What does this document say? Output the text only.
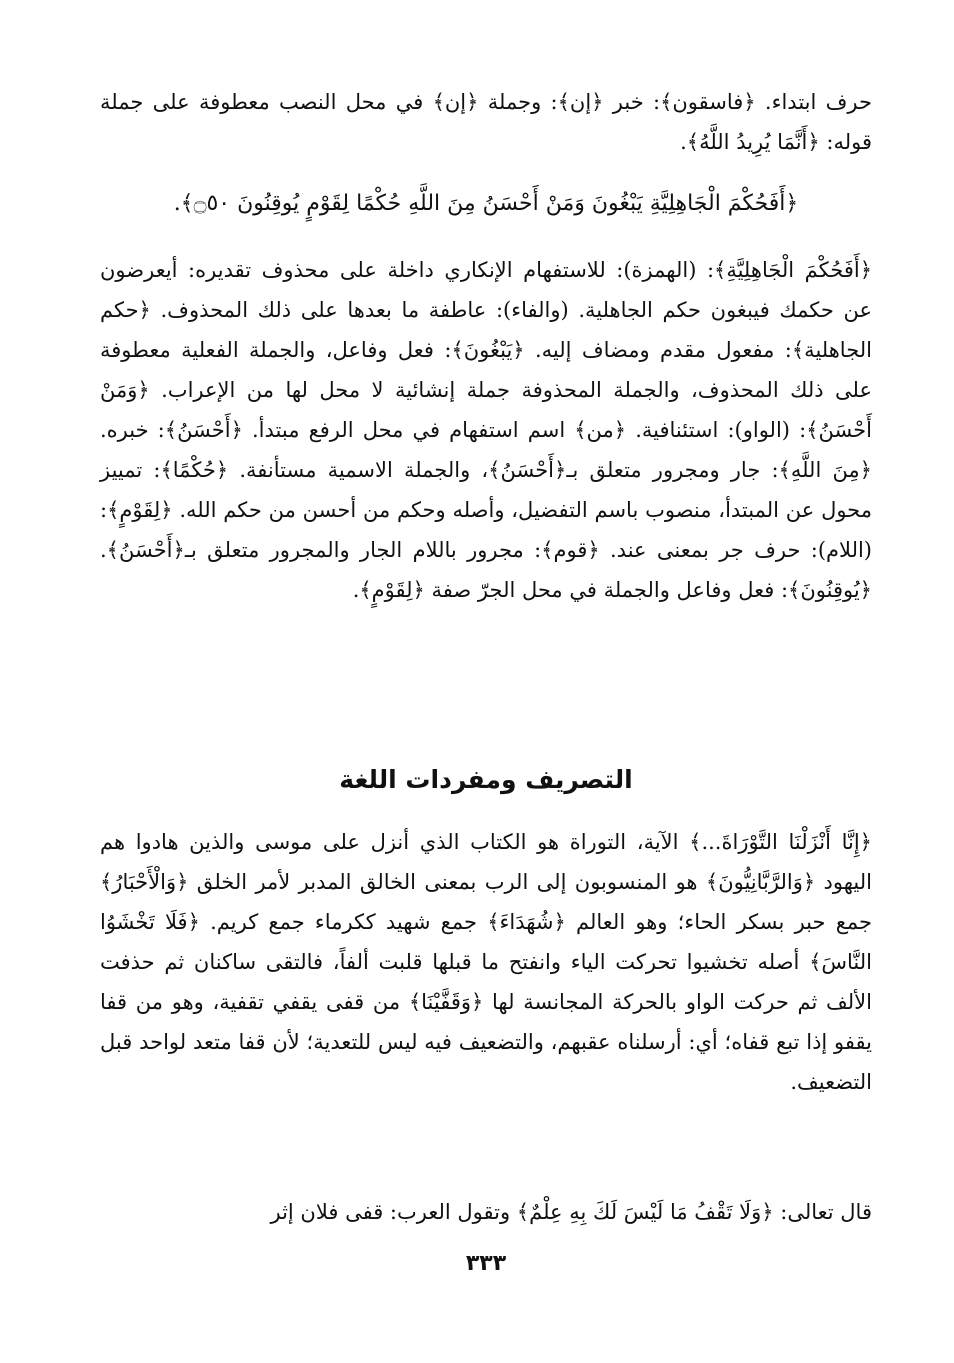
حرف ابتداء. ﴿فاسقون﴾: خبر ﴿إن﴾: وجملة ﴿إن﴾ في محل النصب معطوفة على جملة قوله: ﴿أَنَّمَا يُرِيدُ اللَّهُ﴾.

﴿أَفَحُكْمَ الْجَاهِلِيَّةِ يَبْغُونَ وَمَنْ أَحْسَنُ مِنَ اللَّهِ حُكْمًا لِقَوْمٍ يُوقِنُونَ ۝٥٠﴾.

﴿أَفَحُكْمَ الْجَاهِلِيَّةِ﴾: (الهمزة): للاستفهام الإنكاري داخلة على محذوف تقديره: أيعرضون عن حكمك فيبغون حكم الجاهلية. (والفاء): عاطفة ما بعدها على ذلك المحذوف. ﴿حكم الجاهلية﴾: مفعول مقدم ومضاف إليه. ﴿يَبْغُونَ﴾: فعل وفاعل، والجملة الفعلية معطوفة على ذلك المحذوف، والجملة المحذوفة جملة إنشائية لا محل لها من الإعراب. ﴿وَمَنْ أَحْسَنُ﴾: (الواو): استئنافية. ﴿من﴾ اسم استفهام في محل الرفع مبتدأ. ﴿أَحْسَنُ﴾: خبره. ﴿مِنَ اللَّهِ﴾: جار ومجرور متعلق بـ﴿أَحْسَنُ﴾، والجملة الاسمية مستأنفة. ﴿حُكْمًا﴾: تمييز محول عن المبتدأ، منصوب باسم التفضيل، وأصله وحكم من أحسن من حكم الله. ﴿لِقَوْمٍ﴾: (اللام): حرف جر بمعنى عند. ﴿قوم﴾: مجرور باللام الجار والمجرور متعلق بـ﴿أَحْسَنُ﴾. ﴿يُوقِنُونَ﴾: فعل وفاعل والجملة في محل الجرّ صفة ﴿لِقَوْمٍ﴾.

التصريف ومفردات اللغة

﴿إِنَّا أَنْزَلْنَا التَّوْرَاةَ...﴾ الآية، التوراة هو الكتاب الذي أنزل على موسى والذين هادوا هم اليهود ﴿وَالرَّبَّانِيُّونَ﴾ هو المنسوبون إلى الرب بمعنى الخالق المدبر لأمر الخلق ﴿وَالْأَحْبَارُ﴾ جمع حبر بسكر الحاء؛ وهو العالم ﴿شُهَدَاءَ﴾ جمع شهيد ككرماء جمع كريم. ﴿فَلَا تَخْشَوُا النَّاسَ﴾ أصله تخشيوا تحركت الياء وانفتح ما قبلها قلبت ألفاً، فالتقى ساكنان ثم حذفت الألف ثم حركت الواو بالحركة المجانسة لها ﴿وَقَفَّيْنَا﴾ من قفى يقفي تقفية، وهو من قفا يقفو إذا تبع قفاه؛ أي: أرسلناه عقبهم، والتضعيف فيه ليس للتعدية؛ لأن قفا متعد لواحد قبل التضعيف.

قال تعالى: ﴿وَلَا تَقْفُ مَا لَيْسَ لَكَ بِهِ عِلْمٌ﴾ وتقول العرب: قفى فلان إثر

٣٣٣
